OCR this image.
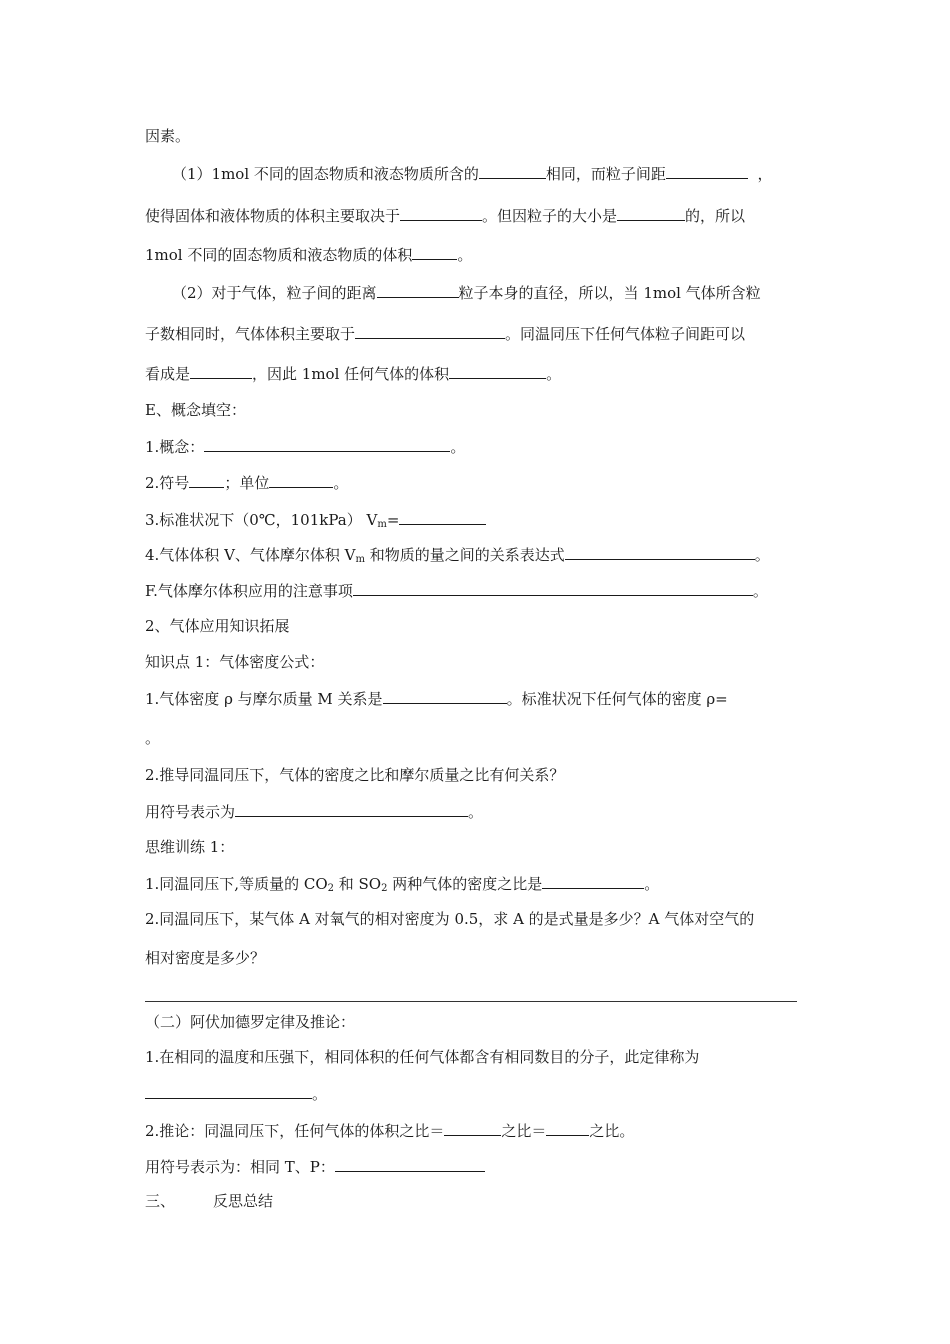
因素。
（1）1mol 不同的固态物质和液态物质所含的	相同，而粒子间距	，
使得固体和液体物质的体积主要取决于	。但因粒子的大小是	的，所以
1mol 不同的固态物质和液态物质的体积	。
（2）对于气体，粒子间的距离	粒子本身的直径，所以，当 1mol 气体所含粒
子数相同时，气体体积主要取于	。同温同压下任何气体粒子间距可以
看成是	，因此 1mol 任何气体的体积	。
E、概念填空：
1.概念：	。
2.符号 ；单位	。
3.标准状况下（0℃，101kPa） $V_m=$
4.气体体积 V、气体摩尔体积 $V_m$ 和物质的量之间的关系表达式	。
F.气体摩尔体积应用的注意事项	。
2、气体应用知识拓展
知识点 1：气体密度公式：
1.气体密度 ρ 与摩尔质量 M 关系是	。标准状况下任何气体的密度 ρ=
。
2.推导同温同压下，气体的密度之比和摩尔质量之比有何关系？
用符号表示为	。
思维训练 1：
1.同温同压下,等质量的 $CO_2$ 和 $SO_2$ 两种气体的密度之比是	。
2.同温同压下，某气体 A 对氧气的相对密度为 0.5，求 A 的是式量是多少？A 气体对空气的
相对密度是多少？
（二）阿伏加德罗定律及推论：
1.在相同的温度和压强下，相同体积的任何气体都含有相同数目的分子，此定律称为
。
2.推论：同温同压下，任何气体的体积之比＝	之比＝	之比。
用符号表示为：相同 T、P：
三、	反思总结
